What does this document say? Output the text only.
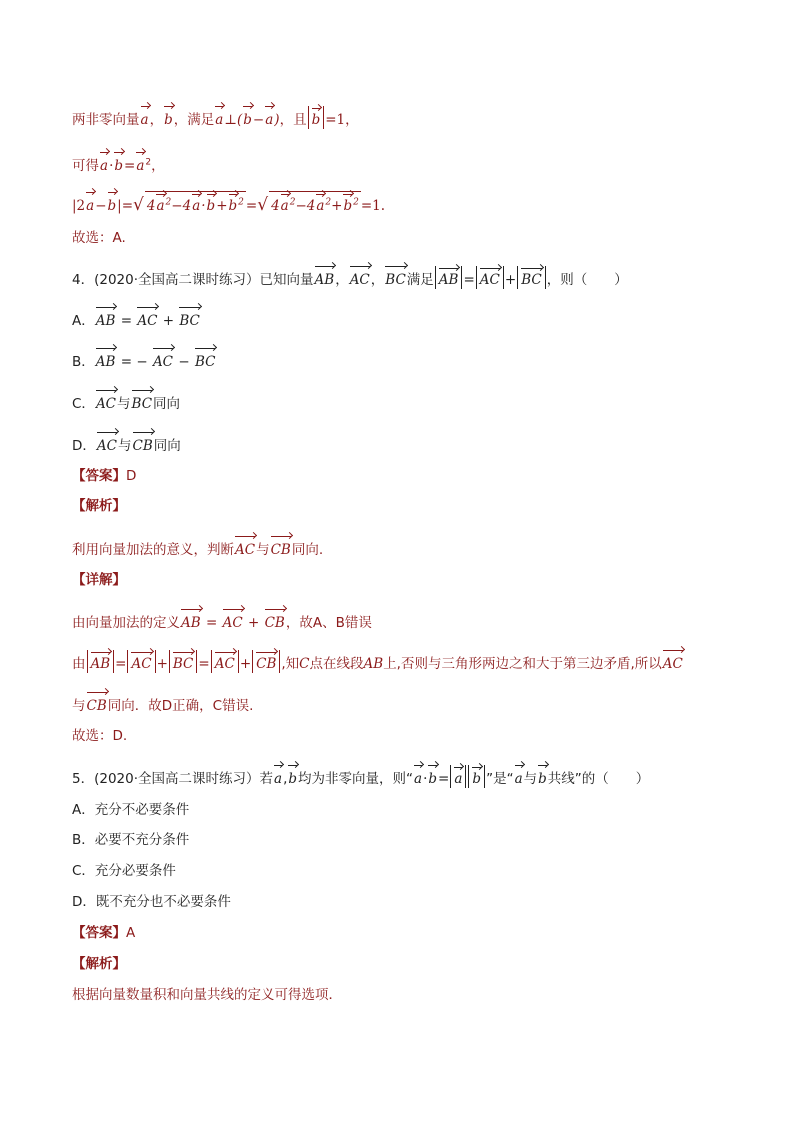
两非零向量a，b，满足a⊥(b−a)，且 b =1，
可得$a\cdot b=a^2$，
|2a−b|=√ $4a^2-4a\cdot b+b^2$ =√ $4a^2-4a^2+b^2 =1$.
故选：A.
4．(2020·全国高二课时练习）已知向量AB，AC，BC满足 AB = AC + BC ，则（　　）
A．AB = AC + BC
B．AB = − AC − BC
C．AC与BC同向
D．AC与CB同向
【答案】D
【解析】
利用向量加法的意义，判断AC与CB同向.
【详解】
由向量加法的定义AB = AC + CB，故A、B错误
由 AB = AC + BC = AC + CB ,知C点在线段AB上,否则与三角形两边之和大于第三边矛盾,所以AC
与CB同向．故D正确，C错误.
故选：D.
5．(2020·全国高二课时练习）若a,b均为非零向量，则“a·b= a b ”是“a与b共线”的（　　）
A．充分不必要条件
B．必要不充分条件
C．充分必要条件
D．既不充分也不必要条件
【答案】A
【解析】
根据向量数量积和向量共线的定义可得选项．
